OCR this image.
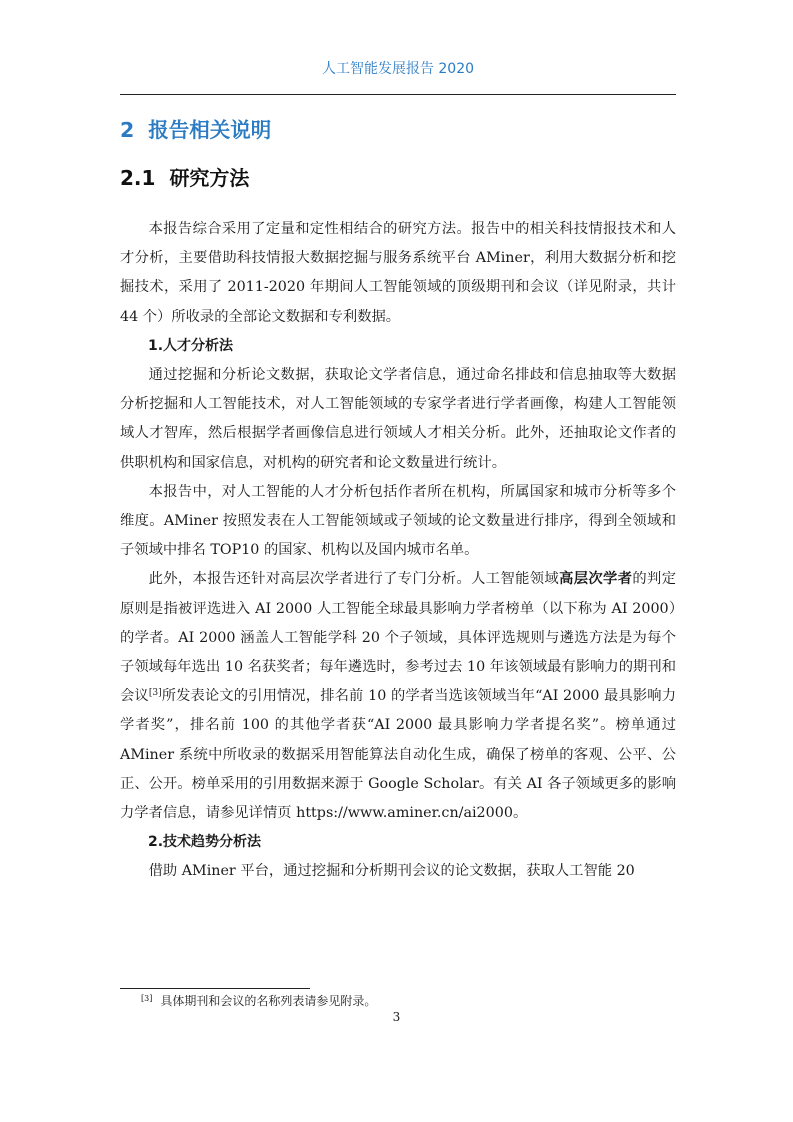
人工智能发展报告 2020
2 报告相关说明
2.1 研究方法

本报告综合采用了定量和定性相结合的研究方法。报告中的相关科技情报技术和人才分析，主要借助科技情报大数据挖掘与服务系统平台 AMiner，利用大数据分析和挖掘技术，采用了 2011-2020 年期间人工智能领域的顶级期刊和会议（详见附录，共计 44 个）所收录的全部论文数据和专利数据。

1.人才分析法

通过挖掘和分析论文数据，获取论文学者信息，通过命名排歧和信息抽取等大数据分析挖掘和人工智能技术，对人工智能领域的专家学者进行学者画像，构建人工智能领域人才智库，然后根据学者画像信息进行领域人才相关分析。此外，还抽取论文作者的供职机构和国家信息，对机构的研究者和论文数量进行统计。

本报告中，对人工智能的人才分析包括作者所在机构，所属国家和城市分析等多个维度。AMiner 按照发表在人工智能领域或子领域的论文数量进行排序，得到全领域和子领域中排名 TOP10 的国家、机构以及国内城市名单。

此外，本报告还针对高层次学者进行了专门分析。人工智能领域高层次学者的判定原则是指被评选进入 AI 2000 人工智能全球最具影响力学者榜单（以下称为 AI 2000）的学者。AI 2000 涵盖人工智能学科 20 个子领域，具体评选规则与遴选方法是为每个子领域每年选出 10 名获奖者；每年遴选时，参考过去 10 年该领域最有影响力的期刊和会议[3]所发表论文的引用情况，排名前 10 的学者当选该领域当年“AI 2000 最具影响力学者奖”，排名前 100 的其他学者获“AI 2000 最具影响力学者提名奖”。榜单通过 AMiner 系统中所收录的数据采用智能算法自动化生成，确保了榜单的客观、公平、公正、公开。榜单采用的引用数据来源于 Google Scholar。有关 AI 各子领域更多的影响力学者信息，请参见详情页 https://www.aminer.cn/ai2000。

2.技术趋势分析法

借助 AMiner 平台，通过挖掘和分析期刊会议的论文数据，获取人工智能 20

[3] 具体期刊和会议的名称列表请参见附录。
3
